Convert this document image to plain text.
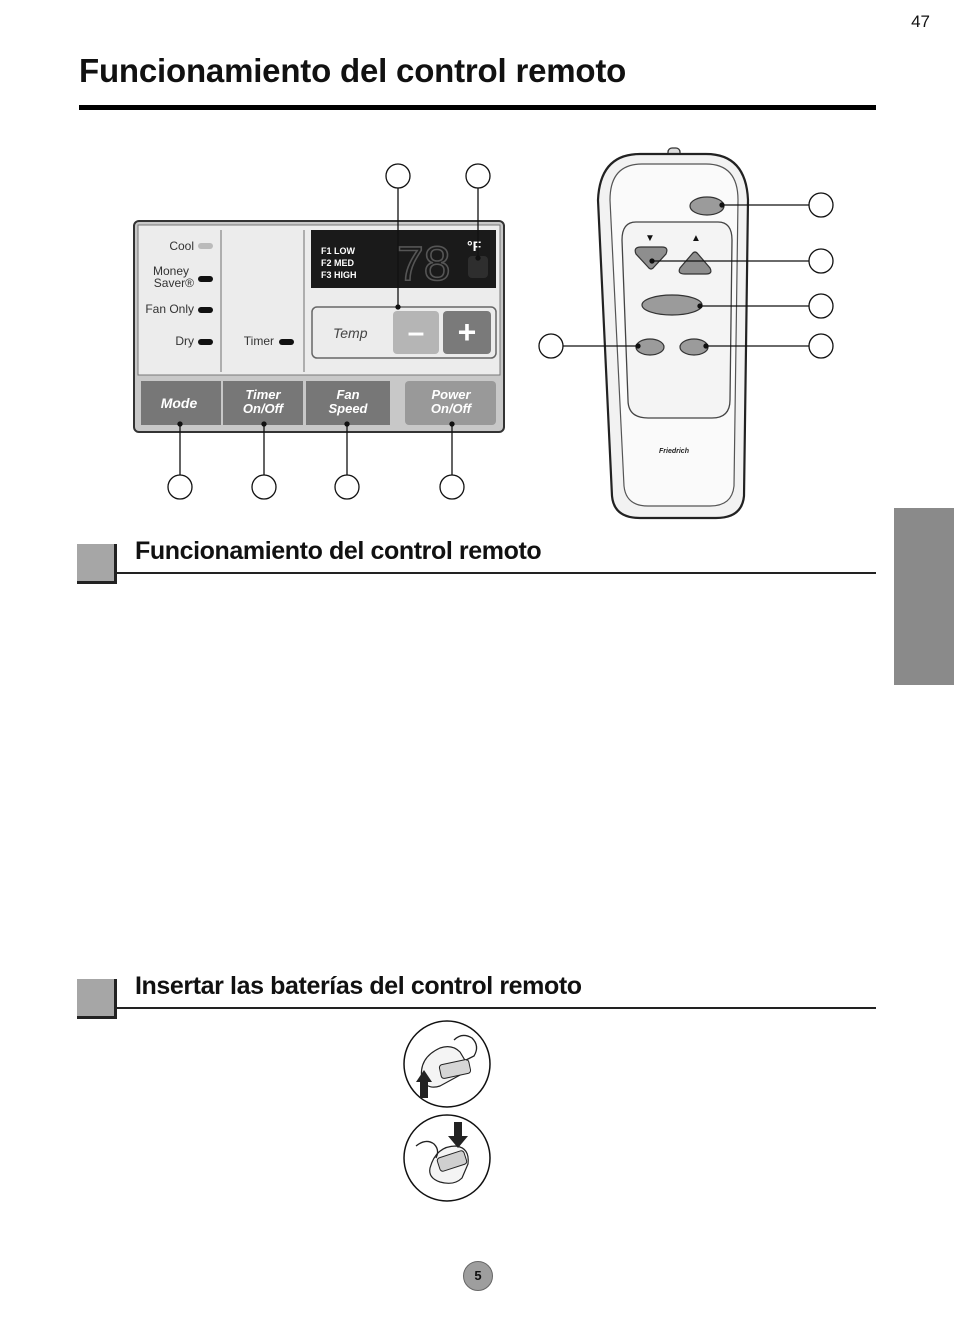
47
Funcionamiento del control remoto
Cool
Money
Saver®
Fan Only
Dry	Timer
F1 LOW
F2 MED
F3 HIGH 78 °F
Temp – +
Mode
Timer
On/Off
Fan
Speed
Power
On/Off
▼	▲
Friedrich
Funcionamiento del control remoto
Insertar las baterías del control remoto
5
